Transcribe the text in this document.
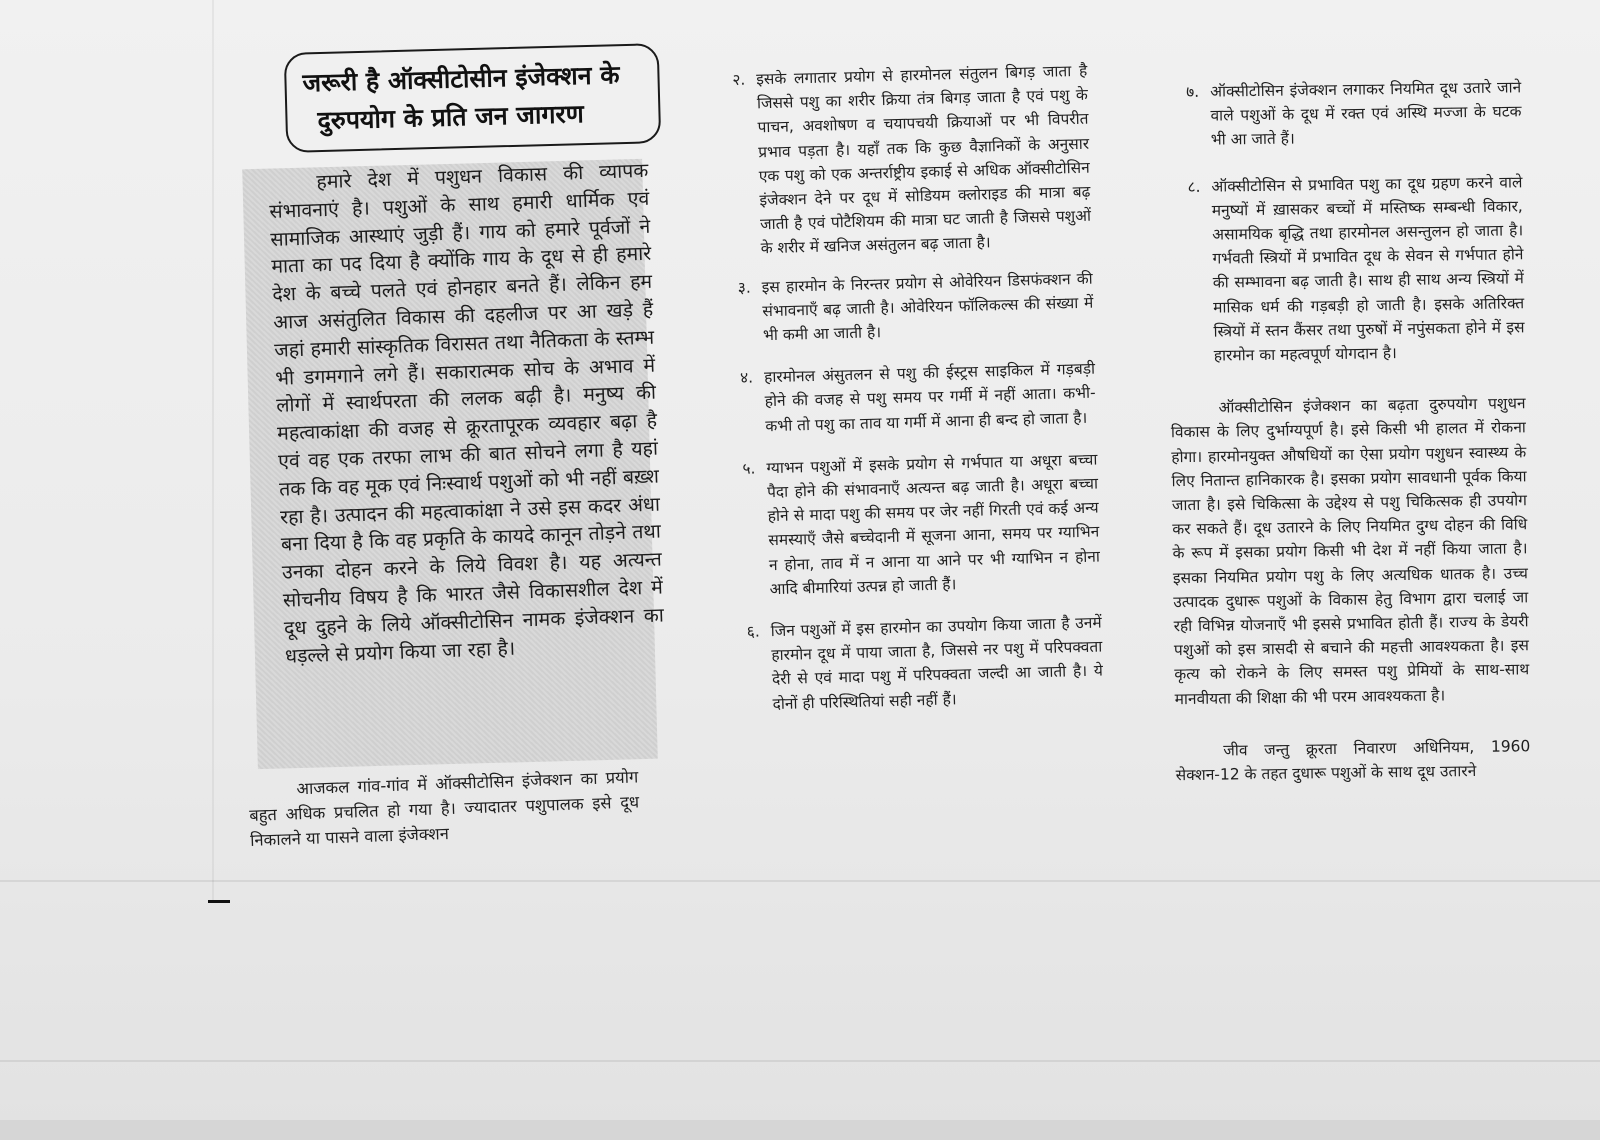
जरूरी है ऑक्सीटोसीन इंजेक्शन के
दुरुपयोग के प्रति जन जागरण

हमारे देश में पशुधन विकास की व्यापक संभावनाएं है। पशुओं के साथ हमारी धार्मिक एवं सामाजिक आस्थाएं जुड़ी हैं। गाय को हमारे पूर्वजों ने माता का पद दिया है क्योंकि गाय के दूध से ही हमारे देश के बच्चे पलते एवं होनहार बनते हैं। लेकिन हम आज असंतुलित विकास की दहलीज पर आ खड़े हैं जहां हमारी सांस्कृतिक विरासत तथा नैतिकता के स्तम्भ भी डगमगाने लगे हैं। सकारात्मक सोच के अभाव में लोगों में स्वार्थपरता की ललक बढ़ी है। मनुष्य की महत्वाकांक्षा की वजह से क्रूरतापूरक व्यवहार बढ़ा है एवं वह एक तरफा लाभ की बात सोचने लगा है यहां तक कि वह मूक एवं निःस्वार्थ पशुओं को भी नहीं बख़्श रहा है। उत्पादन की महत्वाकांक्षा ने उसे इस कदर अंधा बना दिया है कि वह प्रकृति के कायदे कानून तोड़ने तथा उनका दोहन करने के लिये विवश है। यह अत्यन्त सोचनीय विषय है कि भारत जैसे विकासशील देश में दूध दुहने के लिये ऑक्सीटोसिन नामक इंजेक्शन का धड़ल्ले से प्रयोग किया जा रहा है।

आजकल गांव-गांव में ऑक्सीटोसिन इंजेक्शन का प्रयोग बहुत अधिक प्रचलित हो गया है। ज्यादातर पशुपालक इसे दूध निकालने या पासने वाला इंजेक्शन

२. इसके लगातार प्रयोग से हारमोनल संतुलन बिगड़ जाता है जिससे पशु का शरीर क्रिया तंत्र बिगड़ जाता है एवं पशु के पाचन, अवशोषण व चयापचयी क्रियाओं पर भी विपरीत प्रभाव पड़ता है। यहाँ तक कि कुछ वैज्ञानिकों के अनुसार एक पशु को एक अन्तर्राष्ट्रीय इकाई से अधिक ऑक्सीटोसिन इंजेक्शन देने पर दूध में सोडियम क्लोराइड की मात्रा बढ़ जाती है एवं पोटैशियम की मात्रा घट जाती है जिससे पशुओं के शरीर में खनिज असंतुलन बढ़ जाता है।
३. इस हारमोन के निरन्तर प्रयोग से ओवेरियन डिसफंक्शन की संभावनाएँ बढ़ जाती है। ओवेरियन फॉलिकल्स की संख्या में भी कमी आ जाती है।
४. हारमोनल अंसुतलन से पशु की ईस्ट्रस साइकिल में गड़बड़ी होने की वजह से पशु समय पर गर्मी में नहीं आता। कभी-कभी तो पशु का ताव या गर्मी में आना ही बन्द हो जाता है।
५. ग्याभन पशुओं में इसके प्रयोग से गर्भपात या अधूरा बच्चा पैदा होने की संभावनाएँ अत्यन्त बढ़ जाती है। अधूरा बच्चा होने से मादा पशु की समय पर जेर नहीं गिरती एवं कई अन्य समस्याएँ जैसे बच्चेदानी में सूजना आना, समय पर ग्याभिन न होना, ताव में न आना या आने पर भी ग्याभिन न होना आदि बीमारियां उत्पन्न हो जाती हैं।
६. जिन पशुओं में इस हारमोन का उपयोग किया जाता है उनमें हारमोन दूध में पाया जाता है, जिससे नर पशु में परिपक्वता देरी से एवं मादा पशु में परिपक्वता जल्दी आ जाती है। ये दोनों ही परिस्थितियां सही नहीं हैं।
७. ऑक्सीटोसिन इंजेक्शन लगाकर नियमित दूध उतारे जाने वाले पशुओं के दूध में रक्त एवं अस्थि मज्जा के घटक भी आ जाते हैं।
८. ऑक्सीटोसिन से प्रभावित पशु का दूध ग्रहण करने वाले मनुष्यों में ख़ासकर बच्चों में मस्तिष्क सम्बन्धी विकार, असामयिक बृद्धि तथा हारमोनल असन्तुलन हो जाता है। गर्भवती स्त्रियों में प्रभावित दूध के सेवन से गर्भपात होने की सम्भावना बढ़ जाती है। साथ ही साथ अन्य स्त्रियों में मासिक धर्म की गड़बड़ी हो जाती है। इसके अतिरिक्त स्त्रियों में स्तन कैंसर तथा पुरुषों में नपुंसकता होने में इस हारमोन का महत्वपूर्ण योगदान है।

ऑक्सीटोसिन इंजेक्शन का बढ़ता दुरुपयोग पशुधन विकास के लिए दुर्भाग्यपूर्ण है। इसे किसी भी हालत में रोकना होगा। हारमोनयुक्त औषधियों का ऐसा प्रयोग पशुधन स्वास्थ्य के लिए नितान्त हानिकारक है। इसका प्रयोग सावधानी पूर्वक किया जाता है। इसे चिकित्सा के उद्देश्य से पशु चिकित्सक ही उपयोग कर सकते हैं। दूध उतारने के लिए नियमित दुग्ध दोहन की विधि के रूप में इसका प्रयोग किसी भी देश में नहीं किया जाता है। इसका नियमित प्रयोग पशु के लिए अत्यधिक धातक है। उच्च उत्पादक दुधारू पशुओं के विकास हेतु विभाग द्वारा चलाई जा रही विभिन्न योजनाएँ भी इससे प्रभावित होती हैं। राज्य के डेयरी पशुओं को इस त्रासदी से बचाने की महत्ती आवश्यकता है। इस कृत्य को रोकने के लिए समस्त पशु प्रेमियों के साथ-साथ मानवीयता की शिक्षा की भी परम आवश्यकता है।

जीव जन्तु क्रूरता निवारण अधिनियम, 1960 सेक्शन-12 के तहत दुधारू पशुओं के साथ दूध उतारने
